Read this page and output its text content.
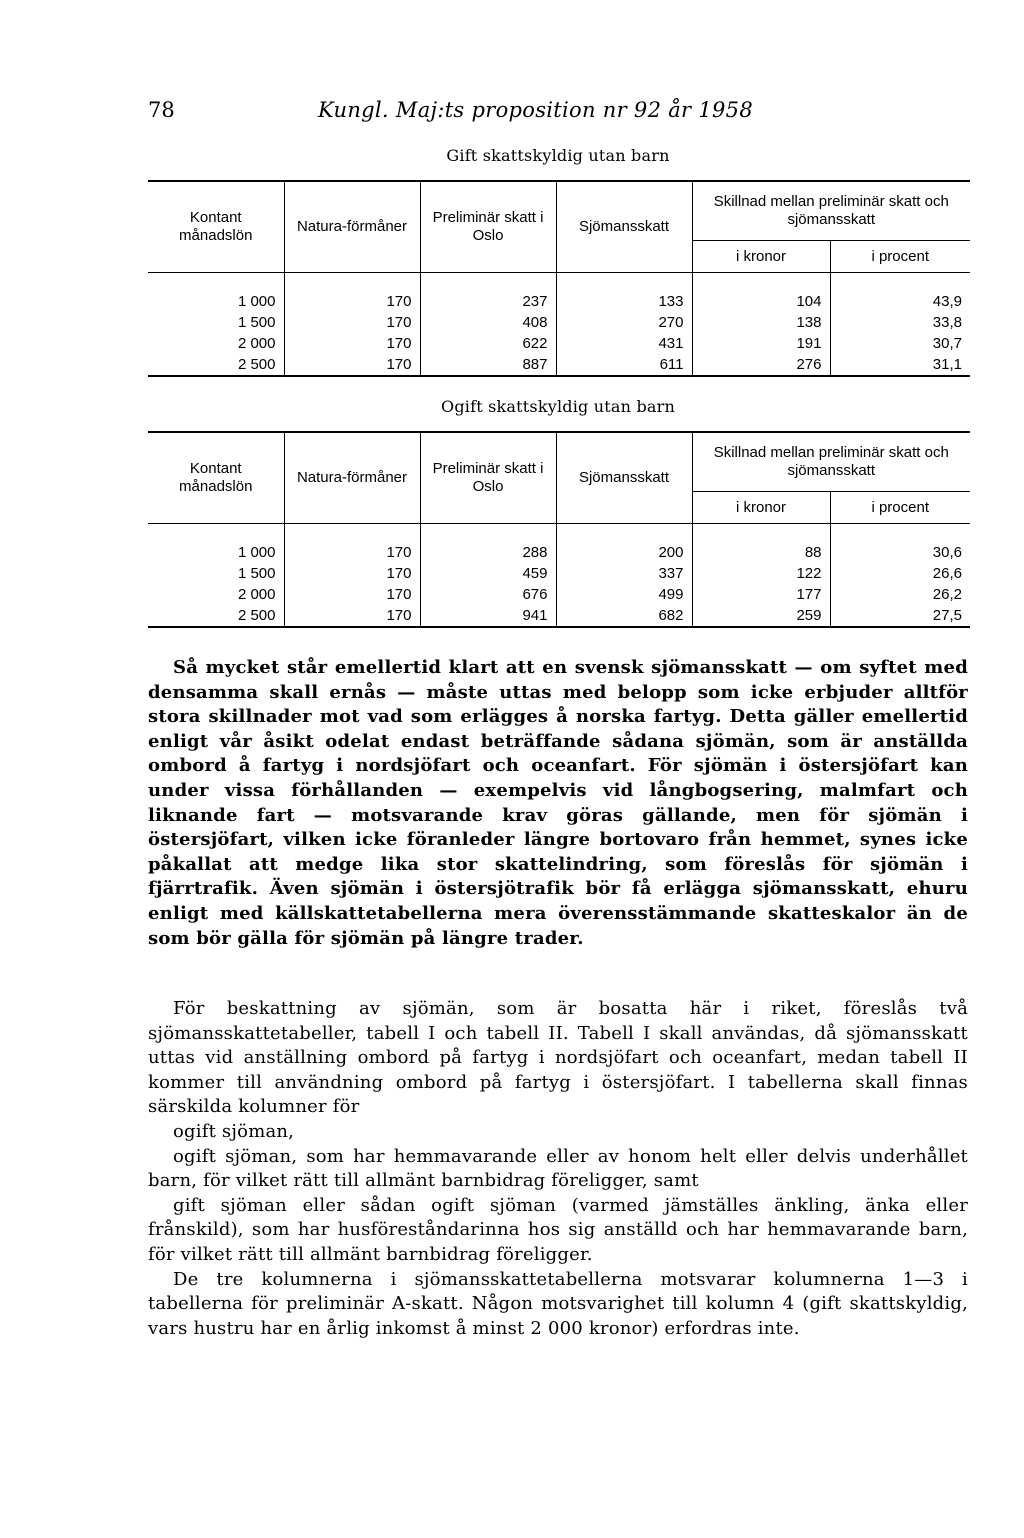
78	Kungl. Maj:ts proposition nr 92 år 1958
Gift skattskyldig utan barn
Kontant månadslön	Natura-förmåner	Preliminär skatt i Oslo	Sjömansskatt	Skillnad mellan preliminär skatt och sjömansskatt	
				i kronor	i procent

1 000	170	237	133	104	43,9
1 500	170	408	270	138	33,8
2 000	170	622	431	191	30,7
2 500	170	887	611	276	31,1
Ogift skattskyldig utan barn
Kontant månadslön	Natura-förmåner	Preliminär skatt i Oslo	Sjömansskatt	Skillnad mellan preliminär skatt och sjömansskatt	
				i kronor	i procent

1 000	170	288	200	88	30,6
1 500	170	459	337	122	26,6
2 000	170	676	499	177	26,2
2 500	170	941	682	259	27,5

Så mycket står emellertid klart att en svensk sjömansskatt — om syftet med densamma skall ernås — måste uttas med belopp som icke erbjuder alltför stora skillnader mot vad som erlägges å norska fartyg. Detta gäller emellertid enligt vår åsikt odelat endast beträffande sådana sjömän, som är anställda ombord å fartyg i nordsjöfart och oceanfart. För sjömän i östersjöfart kan under vissa förhållanden — exempelvis vid långbogsering, malmfart och liknande fart — motsvarande krav göras gällande, men för sjömän i östersjöfart, vilken icke föranleder längre bortovaro från hemmet, synes icke påkallat att medge lika stor skattelindring, som föreslås för sjömän i fjärrtrafik. Även sjömän i östersjötrafik bör få erlägga sjömansskatt, ehuru enligt med källskattetabellerna mera överensstämmande skatteskalor än de som bör gälla för sjömän på längre trader.

För beskattning av sjömän, som är bosatta här i riket, föreslås två sjömansskattetabeller, tabell I och tabell II. Tabell I skall användas, då sjömansskatt uttas vid anställning ombord på fartyg i nordsjöfart och oceanfart, medan tabell II kommer till användning ombord på fartyg i östersjöfart. I tabellerna skall finnas särskilda kolumner för

ogift sjöman,

ogift sjöman, som har hemmavarande eller av honom helt eller delvis underhållet barn, för vilket rätt till allmänt barnbidrag föreligger, samt

gift sjöman eller sådan ogift sjöman (varmed jämställes änkling, änka eller frånskild), som har husföreståndarinna hos sig anställd och har hemmavarande barn, för vilket rätt till allmänt barnbidrag föreligger.

De tre kolumnerna i sjömansskattetabellerna motsvarar kolumnerna 1—3 i tabellerna för preliminär A-skatt. Någon motsvarighet till kolumn 4 (gift skattskyldig, vars hustru har en årlig inkomst å minst 2 000 kronor) erfordras inte.
